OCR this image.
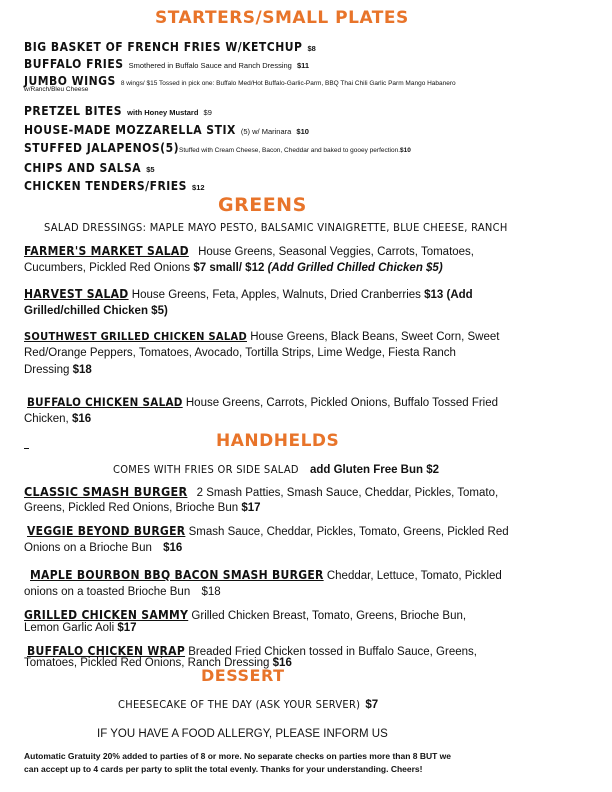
STARTERS/SMALL PLATES
BIG BASKET OF FRENCH FRIES W/KETCHUP $8
BUFFALO FRIES Smothered in Buffalo Sauce and Ranch Dressing $11
JUMBO WINGS 8 wings/ $15 Tossed in pick one: Buffalo Med/Hot Buffalo-Garlic-Parm, BBQ Thai Chili Garlic Parm Mango Habanero
w/Ranch/Bleu Cheese
PRETZEL BITES with Honey Mustard $9
HOUSE-MADE MOZZARELLA STIX (5) w/ Marinara $10
STUFFED JALAPENOS(5)Stuffed with Cream Cheese, Bacon, Cheddar and baked to gooey perfection.$10
CHIPS AND SALSA $5
CHICKEN TENDERS/FRIES $12
GREENS
SALAD DRESSINGS: MAPLE MAYO PESTO, BALSAMIC VINAIGRETTE, BLUE CHEESE, RANCH
FARMER'S MARKET SALAD House Greens, Seasonal Veggies, Carrots, Tomatoes,
Cucumbers, Pickled Red Onions $7 small/ $12 (Add Grilled Chilled Chicken $5)
HARVEST SALAD House Greens, Feta, Apples, Walnuts, Dried Cranberries $13 (Add
Grilled/chilled Chicken $5)
SOUTHWEST GRILLED CHICKEN SALAD House Greens, Black Beans, Sweet Corn, Sweet
Red/Orange Peppers, Tomatoes, Avocado, Tortilla Strips, Lime Wedge, Fiesta Ranch
Dressing $18
BUFFALO CHICKEN SALAD House Greens, Carrots, Pickled Onions, Buffalo Tossed Fried
Chicken, $16
HANDHELDS
COMES WITH FRIES OR SIDE SALAD add Gluten Free Bun $2
CLASSIC SMASH BURGER 2 Smash Patties, Smash Sauce, Cheddar, Pickles, Tomato,
Greens, Pickled Red Onions, Brioche Bun $17
VEGGIE BEYOND BURGER Smash Sauce, Cheddar, Pickles, Tomato, Greens, Pickled Red
Onions on a Brioche Bun $16
MAPLE BOURBON BBQ BACON SMASH BURGER Cheddar, Lettuce, Tomato, Pickled
onions on a toasted Brioche Bun $18
GRILLED CHICKEN SAMMY Grilled Chicken Breast, Tomato, Greens, Brioche Bun,
Lemon Garlic Aoli $17
BUFFALO CHICKEN WRAP Breaded Fried Chicken tossed in Buffalo Sauce, Greens,
Tomatoes, Pickled Red Onions, Ranch Dressing $16
DESSERT
CHEESECAKE OF THE DAY (ASK YOUR SERVER) $7
IF YOU HAVE A FOOD ALLERGY, PLEASE INFORM US
Automatic Gratuity 20% added to parties of 8 or more. No separate checks on parties more than 8 BUT we
can accept up to 4 cards per party to split the total evenly. Thanks for your understanding. Cheers!
